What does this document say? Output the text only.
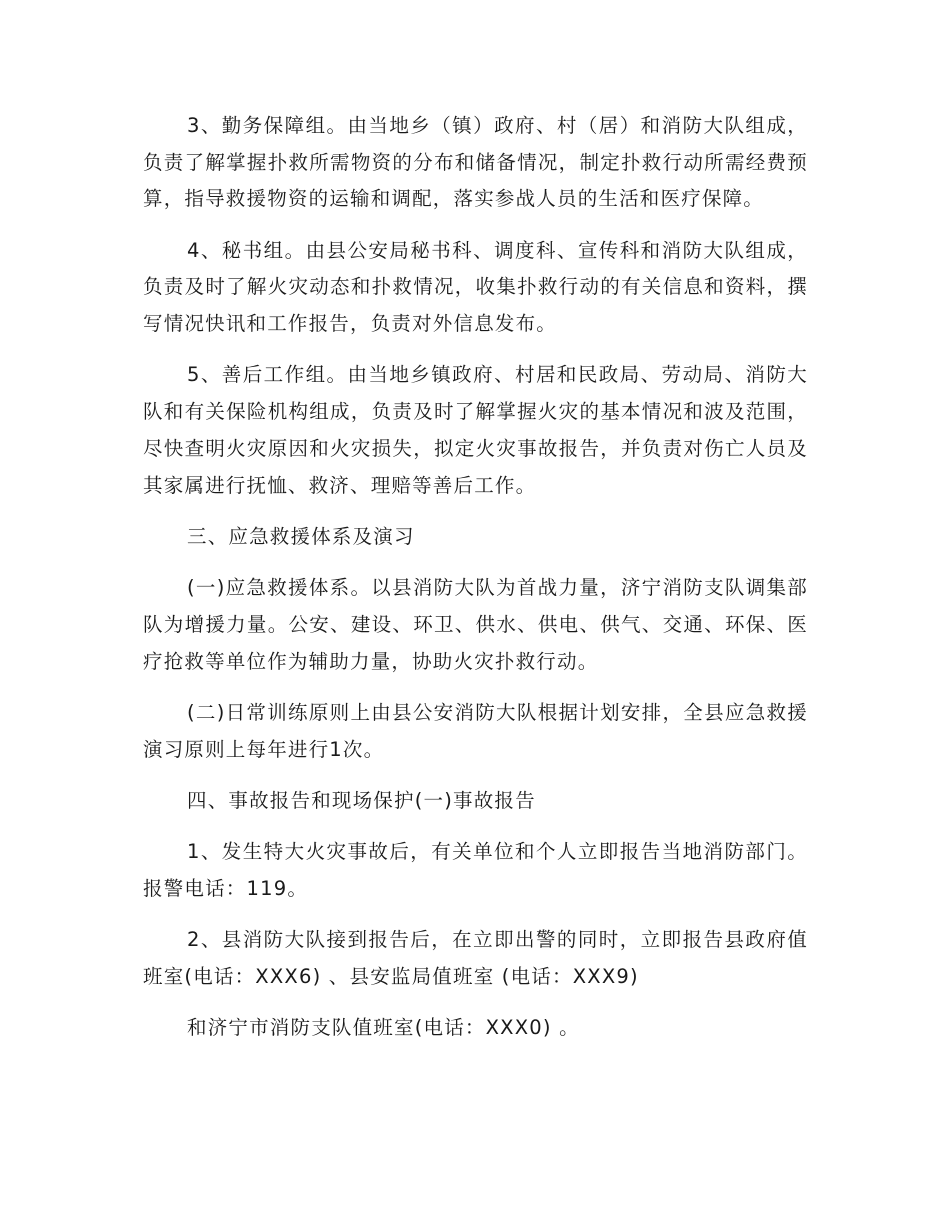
3、勤务保障组。由当地乡（镇）政府、村（居）和消防大队组成，负责了解掌握扑救所需物资的分布和储备情况，制定扑救行动所需经费预算，指导救援物资的运输和调配，落实参战人员的生活和医疗保障。

4、秘书组。由县公安局秘书科、调度科、宣传科和消防大队组成，负责及时了解火灾动态和扑救情况，收集扑救行动的有关信息和资料，撰写情况快讯和工作报告，负责对外信息发布。

5、善后工作组。由当地乡镇政府、村居和民政局、劳动局、消防大队和有关保险机构组成，负责及时了解掌握火灾的基本情况和波及范围，尽快查明火灾原因和火灾损失，拟定火灾事故报告，并负责对伤亡人员及其家属进行抚恤、救济、理赔等善后工作。

三、应急救援体系及演习

(一)应急救援体系。以县消防大队为首战力量，济宁消防支队调集部队为增援力量。公安、建设、环卫、供水、供电、供气、交通、环保、医疗抢救等单位作为辅助力量，协助火灾扑救行动。

(二)日常训练原则上由县公安消防大队根据计划安排，全县应急救援演习原则上每年进行1次。

四、事故报告和现场保护(一)事故报告

1、发生特大火灾事故后，有关单位和个人立即报告当地消防部门。报警电话：119。

2、县消防大队接到报告后，在立即出警的同时，立即报告县政府值班室(电话：XXX6) 、县安监局值班室 (电话：XXX9)

和济宁市消防支队值班室(电话：XXX0) 。
